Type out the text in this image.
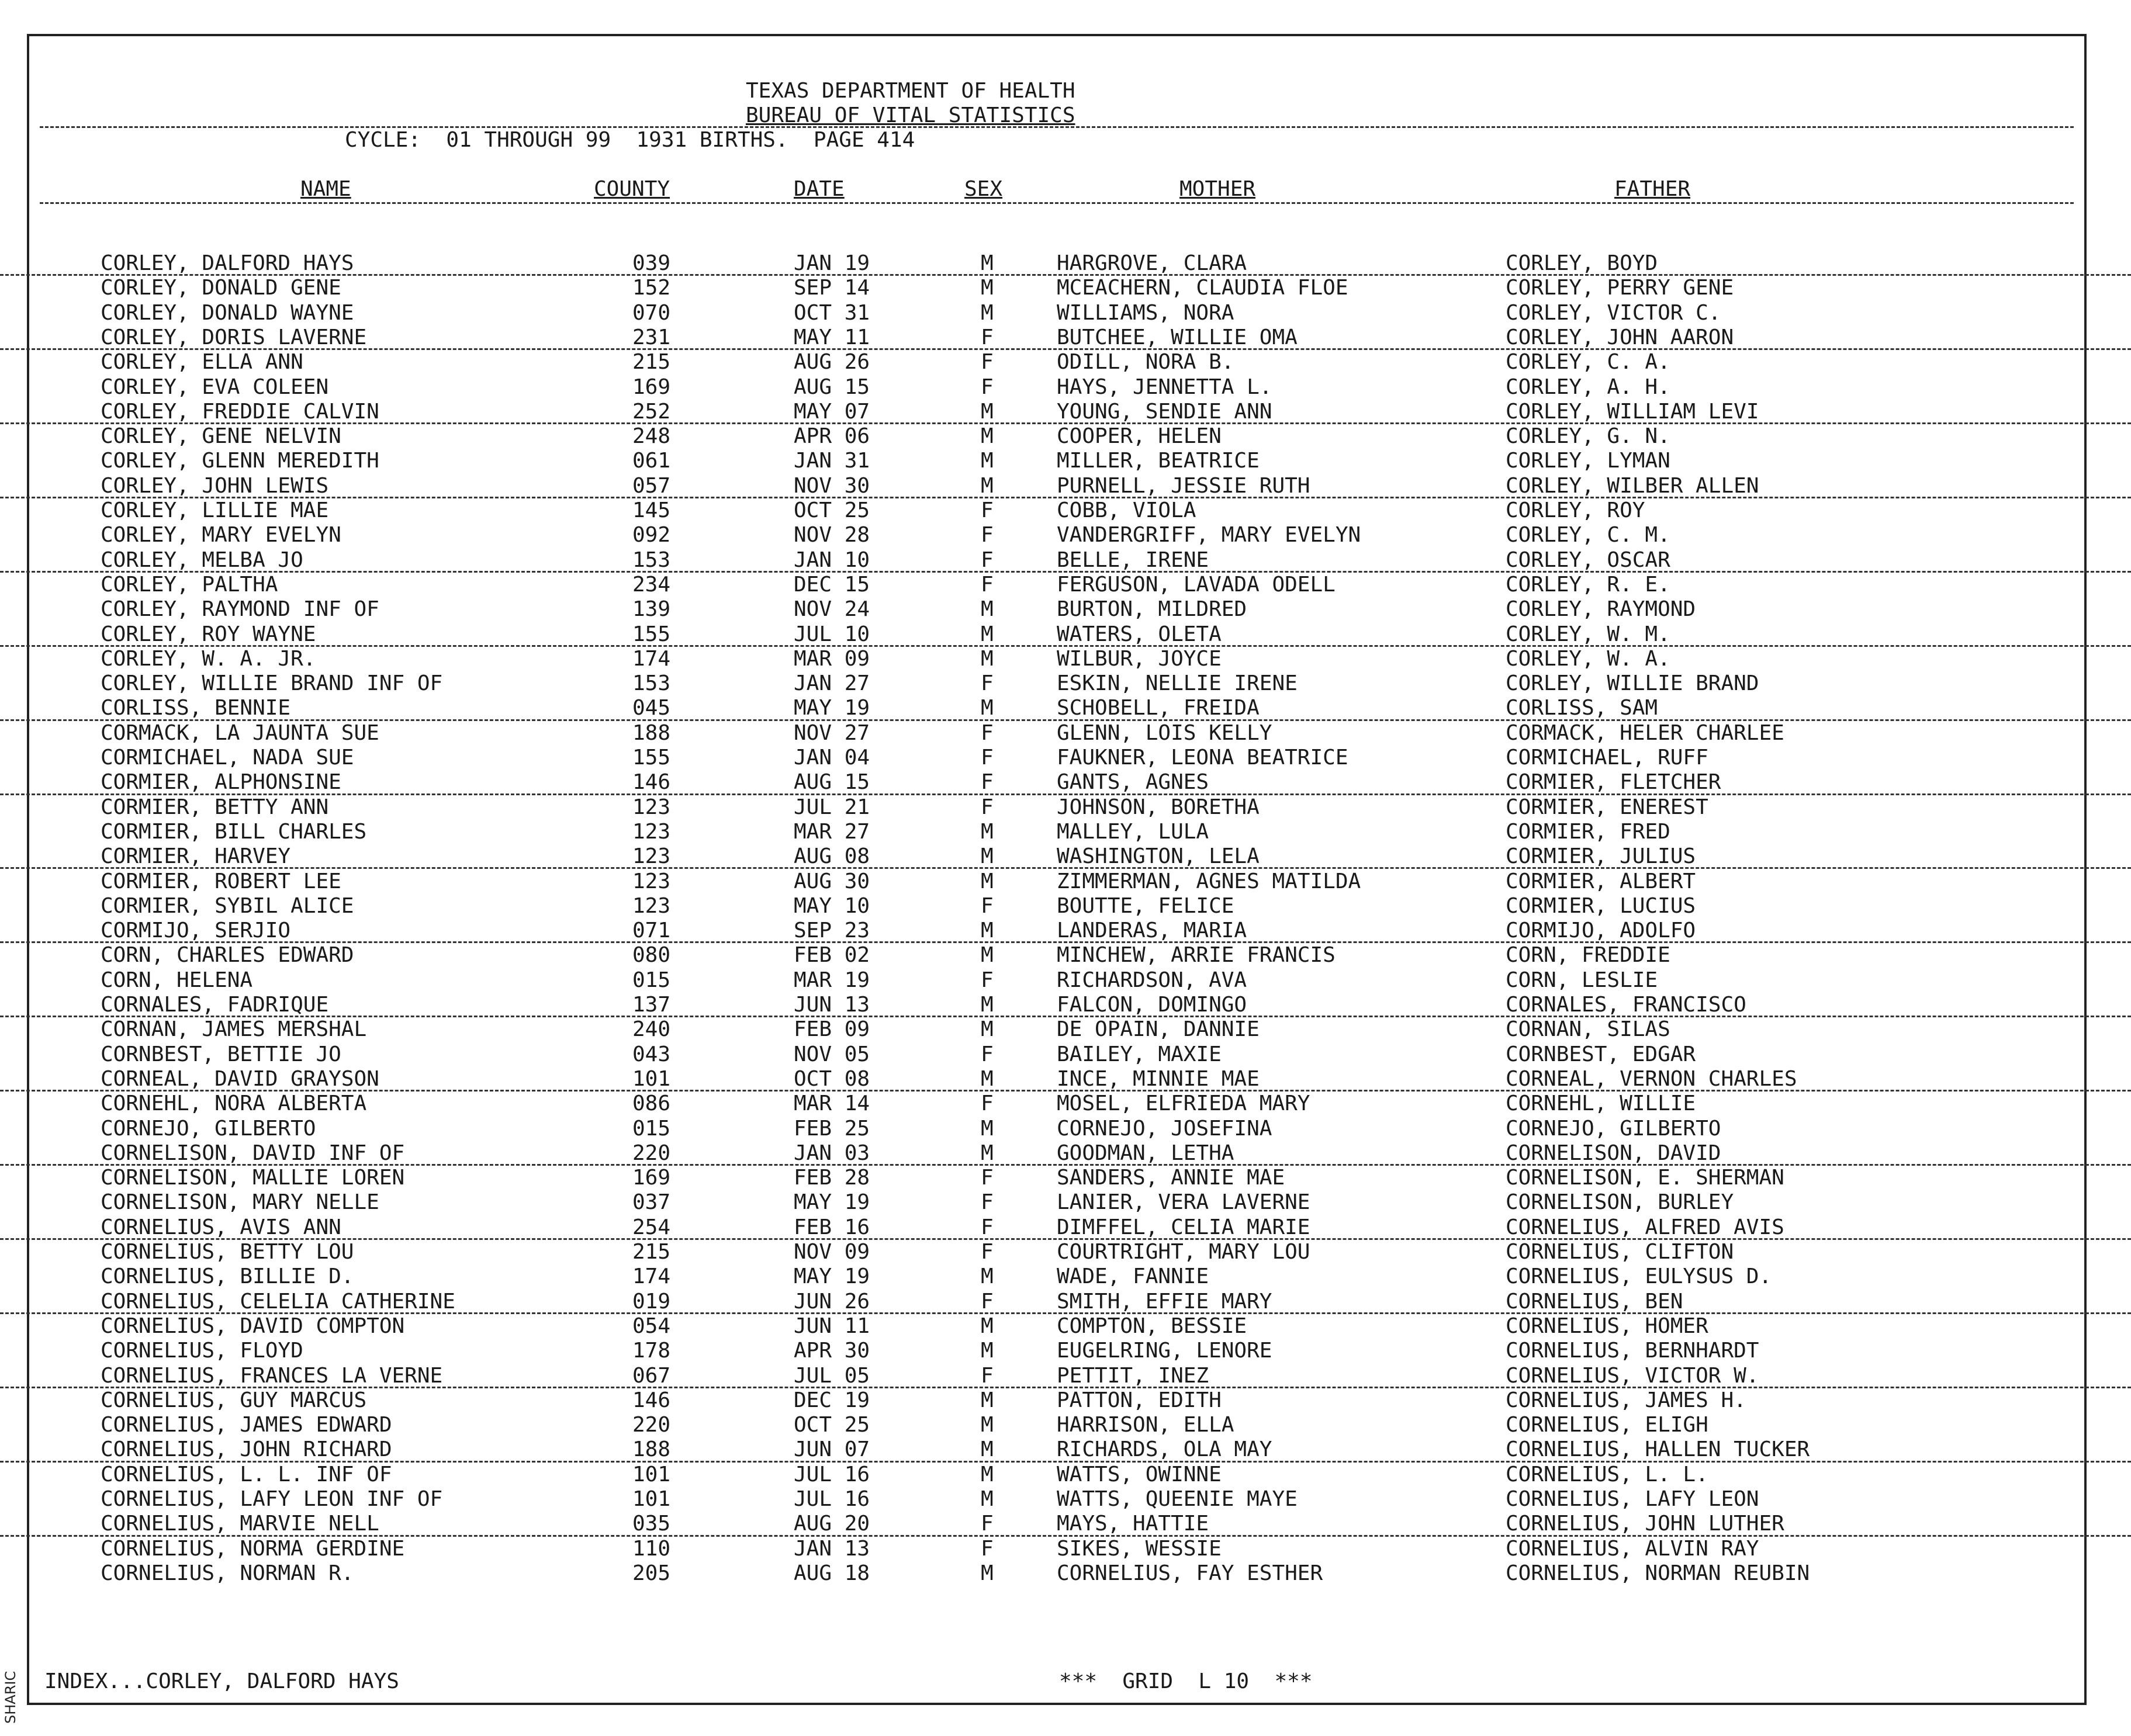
SHARIC
TEXAS DEPARTMENT OF HEALTH
BUREAU OF VITAL STATISTICS
CYCLE:  01 THROUGH 99  1931 BIRTHS.  PAGE 414
NAME	COUNTY	DATE	SEX	MOTHER	FATHER
CORLEY, DALFORD HAYS	039	JAN 19	M	HARGROVE, CLARA	CORLEY, BOYD
CORLEY, DONALD GENE	152	SEP 14	M	MCEACHERN, CLAUDIA FLOE	CORLEY, PERRY GENE
CORLEY, DONALD WAYNE	070	OCT 31	M	WILLIAMS, NORA	CORLEY, VICTOR C.
CORLEY, DORIS LAVERNE	231	MAY 11	F	BUTCHEE, WILLIE OMA	CORLEY, JOHN AARON
CORLEY, ELLA ANN	215	AUG 26	F	ODILL, NORA B.	CORLEY, C. A.
CORLEY, EVA COLEEN	169	AUG 15	F	HAYS, JENNETTA L.	CORLEY, A. H.
CORLEY, FREDDIE CALVIN	252	MAY 07	M	YOUNG, SENDIE ANN	CORLEY, WILLIAM LEVI
CORLEY, GENE NELVIN	248	APR 06	M	COOPER, HELEN	CORLEY, G. N.
CORLEY, GLENN MEREDITH	061	JAN 31	M	MILLER, BEATRICE	CORLEY, LYMAN
CORLEY, JOHN LEWIS	057	NOV 30	M	PURNELL, JESSIE RUTH	CORLEY, WILBER ALLEN
CORLEY, LILLIE MAE	145	OCT 25	F	COBB, VIOLA	CORLEY, ROY
CORLEY, MARY EVELYN	092	NOV 28	F	VANDERGRIFF, MARY EVELYN	CORLEY, C. M.
CORLEY, MELBA JO	153	JAN 10	F	BELLE, IRENE	CORLEY, OSCAR
CORLEY, PALTHA	234	DEC 15	F	FERGUSON, LAVADA ODELL	CORLEY, R. E.
CORLEY, RAYMOND INF OF	139	NOV 24	M	BURTON, MILDRED	CORLEY, RAYMOND
CORLEY, ROY WAYNE	155	JUL 10	M	WATERS, OLETA	CORLEY, W. M.
CORLEY, W. A. JR.	174	MAR 09	M	WILBUR, JOYCE	CORLEY, W. A.
CORLEY, WILLIE BRAND INF OF	153	JAN 27	F	ESKIN, NELLIE IRENE	CORLEY, WILLIE BRAND
CORLISS, BENNIE	045	MAY 19	M	SCHOBELL, FREIDA	CORLISS, SAM
CORMACK, LA JAUNTA SUE	188	NOV 27	F	GLENN, LOIS KELLY	CORMACK, HELER CHARLEE
CORMICHAEL, NADA SUE	155	JAN 04	F	FAUKNER, LEONA BEATRICE	CORMICHAEL, RUFF
CORMIER, ALPHONSINE	146	AUG 15	F	GANTS, AGNES	CORMIER, FLETCHER
CORMIER, BETTY ANN	123	JUL 21	F	JOHNSON, BORETHA	CORMIER, ENEREST
CORMIER, BILL CHARLES	123	MAR 27	M	MALLEY, LULA	CORMIER, FRED
CORMIER, HARVEY	123	AUG 08	M	WASHINGTON, LELA	CORMIER, JULIUS
CORMIER, ROBERT LEE	123	AUG 30	M	ZIMMERMAN, AGNES MATILDA	CORMIER, ALBERT
CORMIER, SYBIL ALICE	123	MAY 10	F	BOUTTE, FELICE	CORMIER, LUCIUS
CORMIJO, SERJIO	071	SEP 23	M	LANDERAS, MARIA	CORMIJO, ADOLFO
CORN, CHARLES EDWARD	080	FEB 02	M	MINCHEW, ARRIE FRANCIS	CORN, FREDDIE
CORN, HELENA	015	MAR 19	F	RICHARDSON, AVA	CORN, LESLIE
CORNALES, FADRIQUE	137	JUN 13	M	FALCON, DOMINGO	CORNALES, FRANCISCO
CORNAN, JAMES MERSHAL	240	FEB 09	M	DE OPAIN, DANNIE	CORNAN, SILAS
CORNBEST, BETTIE JO	043	NOV 05	F	BAILEY, MAXIE	CORNBEST, EDGAR
CORNEAL, DAVID GRAYSON	101	OCT 08	M	INCE, MINNIE MAE	CORNEAL, VERNON CHARLES
CORNEHL, NORA ALBERTA	086	MAR 14	F	MOSEL, ELFRIEDA MARY	CORNEHL, WILLIE
CORNEJO, GILBERTO	015	FEB 25	M	CORNEJO, JOSEFINA	CORNEJO, GILBERTO
CORNELISON, DAVID INF OF	220	JAN 03	M	GOODMAN, LETHA	CORNELISON, DAVID
CORNELISON, MALLIE LOREN	169	FEB 28	F	SANDERS, ANNIE MAE	CORNELISON, E. SHERMAN
CORNELISON, MARY NELLE	037	MAY 19	F	LANIER, VERA LAVERNE	CORNELISON, BURLEY
CORNELIUS, AVIS ANN	254	FEB 16	F	DIMFFEL, CELIA MARIE	CORNELIUS, ALFRED AVIS
CORNELIUS, BETTY LOU	215	NOV 09	F	COURTRIGHT, MARY LOU	CORNELIUS, CLIFTON
CORNELIUS, BILLIE D.	174	MAY 19	M	WADE, FANNIE	CORNELIUS, EULYSUS D.
CORNELIUS, CELELIA CATHERINE	019	JUN 26	F	SMITH, EFFIE MARY	CORNELIUS, BEN
CORNELIUS, DAVID COMPTON	054	JUN 11	M	COMPTON, BESSIE	CORNELIUS, HOMER
CORNELIUS, FLOYD	178	APR 30	M	EUGELRING, LENORE	CORNELIUS, BERNHARDT
CORNELIUS, FRANCES LA VERNE	067	JUL 05	F	PETTIT, INEZ	CORNELIUS, VICTOR W.
CORNELIUS, GUY MARCUS	146	DEC 19	M	PATTON, EDITH	CORNELIUS, JAMES H.
CORNELIUS, JAMES EDWARD	220	OCT 25	M	HARRISON, ELLA	CORNELIUS, ELIGH
CORNELIUS, JOHN RICHARD	188	JUN 07	M	RICHARDS, OLA MAY	CORNELIUS, HALLEN TUCKER
CORNELIUS, L. L. INF OF	101	JUL 16	M	WATTS, OWINNE	CORNELIUS, L. L.
CORNELIUS, LAFY LEON INF OF	101	JUL 16	M	WATTS, QUEENIE MAYE	CORNELIUS, LAFY LEON
CORNELIUS, MARVIE NELL	035	AUG 20	F	MAYS, HATTIE	CORNELIUS, JOHN LUTHER
CORNELIUS, NORMA GERDINE	110	JAN 13	F	SIKES, WESSIE	CORNELIUS, ALVIN RAY
CORNELIUS, NORMAN R.	205	AUG 18	M	CORNELIUS, FAY ESTHER	CORNELIUS, NORMAN REUBIN
INDEX...CORLEY, DALFORD HAYS	***  GRID  L 10  ***
